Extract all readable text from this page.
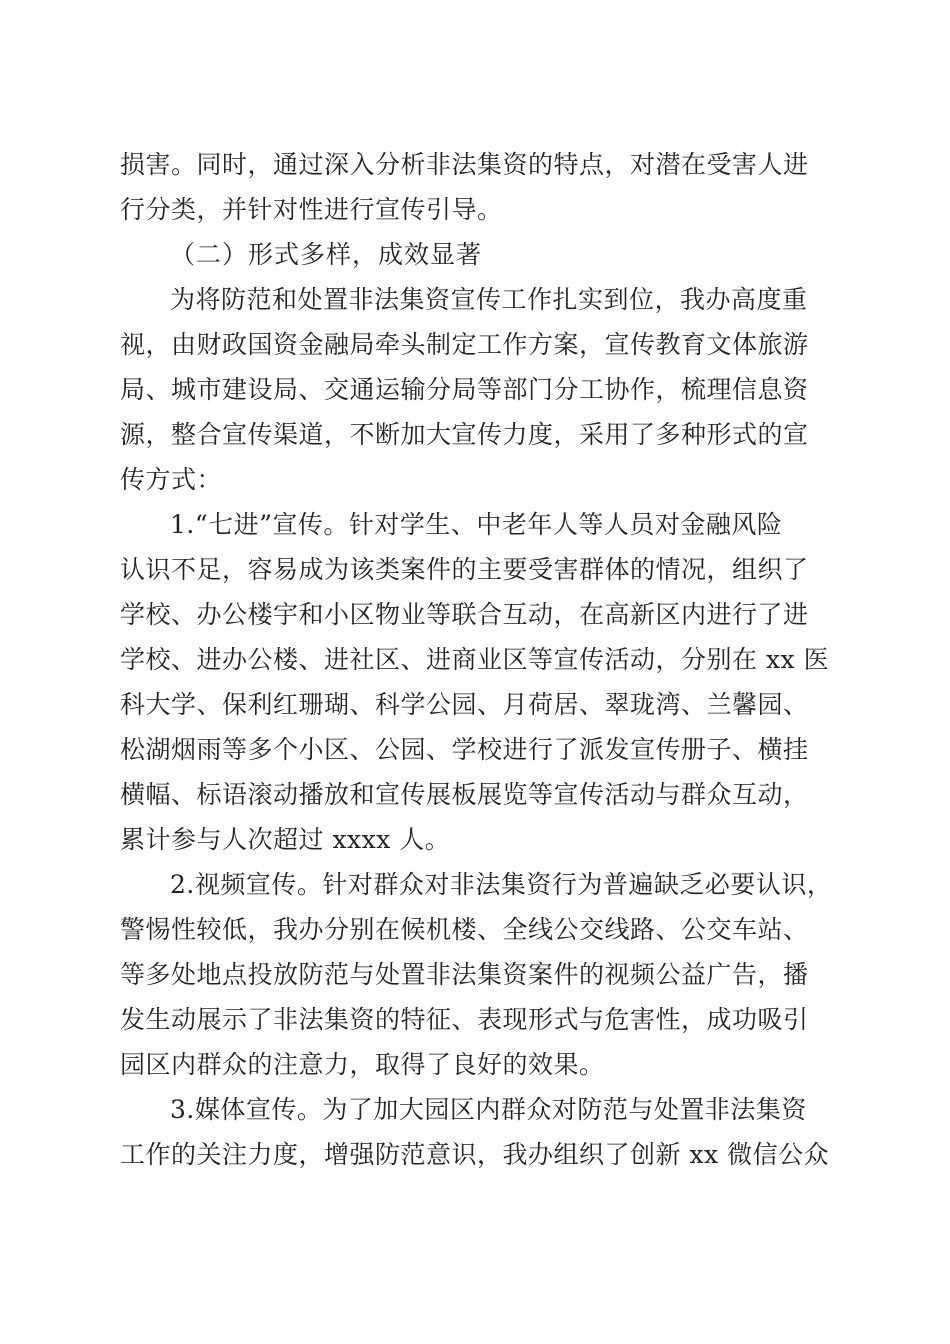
损害。同时，通过深入分析非法集资的特点，对潜在受害人进
行分类，并针对性进行宣传引导。
（二）形式多样，成效显著
为将防范和处置非法集资宣传工作扎实到位，我办高度重
视，由财政国资金融局牵头制定工作方案，宣传教育文体旅游
局、城市建设局、交通运输分局等部门分工协作，梳理信息资
源，整合宣传渠道，不断加大宣传力度，采用了多种形式的宣
传方式：
1.“七进”宣传。针对学生、中老年人等人员对金融风险
认识不足，容易成为该类案件的主要受害群体的情况，组织了
学校、办公楼宇和小区物业等联合互动，在高新区内进行了进
学校、进办公楼、进社区、进商业区等宣传活动，分别在 xx 医
科大学、保利红珊瑚、科学公园、月荷居、翠珑湾、兰馨园、
松湖烟雨等多个小区、公园、学校进行了派发宣传册子、横挂
横幅、标语滚动播放和宣传展板展览等宣传活动与群众互动，
累计参与人次超过 xxxx 人。
2.视频宣传。针对群众对非法集资行为普遍缺乏必要认识，
警惕性较低，我办分别在候机楼、全线公交线路、公交车站、
等多处地点投放防范与处置非法集资案件的视频公益广告，播
发生动展示了非法集资的特征、表现形式与危害性，成功吸引
园区内群众的注意力，取得了良好的效果。
3.媒体宣传。为了加大园区内群众对防范与处置非法集资
工作的关注力度，增强防范意识，我办组织了创新 xx 微信公众
